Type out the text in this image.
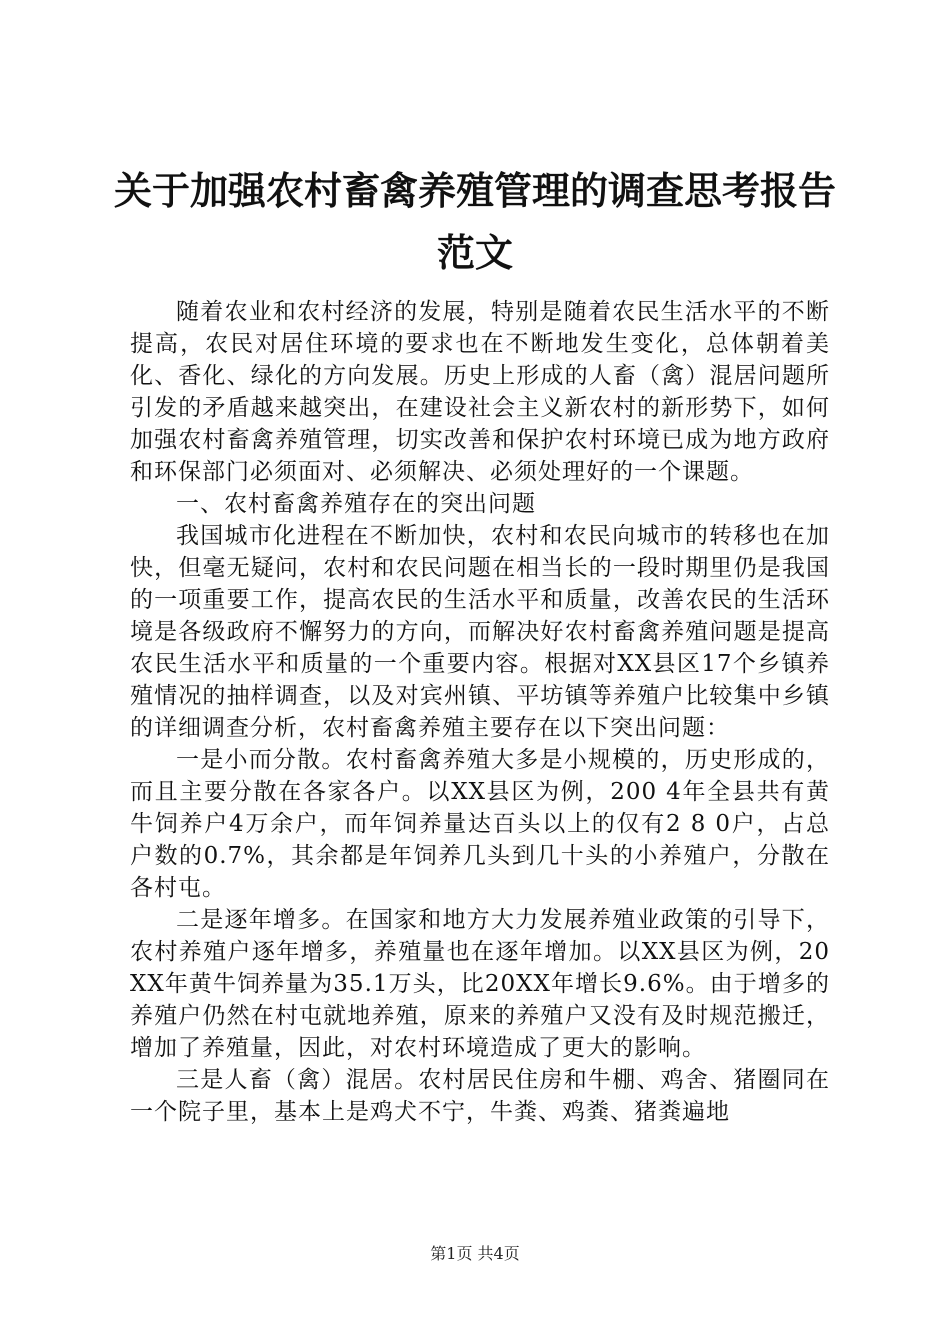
关于加强农村畜禽养殖管理的调查思考报告范文

随着农业和农村经济的发展，特别是随着农民生活水平的不断提高，农民对居住环境的要求也在不断地发生变化，总体朝着美化、香化、绿化的方向发展。历史上形成的人畜（禽）混居问题所引发的矛盾越来越突出，在建设社会主义新农村的新形势下，如何加强农村畜禽养殖管理，切实改善和保护农村环境已成为地方政府和环保部门必须面对、必须解决、必须处理好的一个课题。

一、农村畜禽养殖存在的突出问题

我国城市化进程在不断加快，农村和农民向城市的转移也在加快，但毫无疑问，农村和农民问题在相当长的一段时期里仍是我国的一项重要工作，提高农民的生活水平和质量，改善农民的生活环境是各级政府不懈努力的方向，而解决好农村畜禽养殖问题是提高农民生活水平和质量的一个重要内容。根据对XX县区17个乡镇养殖情况的抽样调查，以及对宾州镇、平坊镇等养殖户比较集中乡镇的详细调查分析，农村畜禽养殖主要存在以下突出问题：

一是小而分散。农村畜禽养殖大多是小规模的，历史形成的，而且主要分散在各家各户。以XX县区为例，200 4年全县共有黄牛饲养户4万余户，而年饲养量达百头以上的仅有2 8 0户，占总户数的0.7%，其余都是年饲养几头到几十头的小养殖户，分散在各村屯。

二是逐年增多。在国家和地方大力发展养殖业政策的引导下，农村养殖户逐年增多，养殖量也在逐年增加。以XX县区为例，20XX年黄牛饲养量为35.1万头，比20XX年增长9.6%。由于增多的养殖户仍然在村屯就地养殖，原来的养殖户又没有及时规范搬迁，增加了养殖量，因此，对农村环境造成了更大的影响。

三是人畜（禽）混居。农村居民住房和牛棚、鸡舍、猪圈同在一个院子里，基本上是鸡犬不宁，牛粪、鸡粪、猪粪遍地

第1页 共4页
